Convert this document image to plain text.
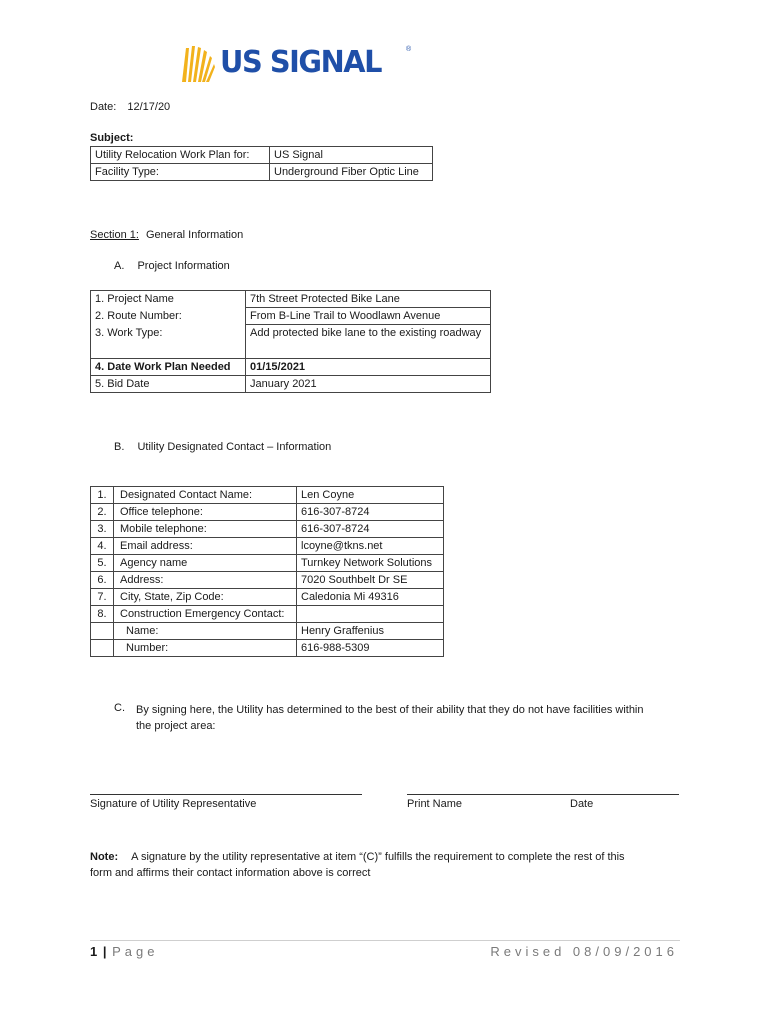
US SIGNAL	®
Date: 12/17/20
Subject:
Utility Relocation Work Plan for:	US Signal
Facility Type:	Underground Fiber Optic Line
Section 1: General Information
A. Project Information
1. Project Name	7th Street Protected Bike Lane
2. Route Number:	From B-Line Trail to Woodlawn Avenue
3. Work Type:	Add protected bike lane to the existing roadway
4. Date Work Plan Needed	01/15/2021
5. Bid Date	January 2021
B. Utility Designated Contact – Information
1.	Designated Contact Name:	Len Coyne
2.	Office telephone:	616-307-8724
3.	Mobile telephone:	616-307-8724
4.	Email address:	lcoyne@tkns.net
5.	Agency name	Turnkey Network Solutions
6.	Address:	7020 Southbelt Dr SE
7.	City, State, Zip Code:	Caledonia Mi 49316
8.	Construction Emergency Contact:	
	Name:	Henry Graffenius
	Number:	616-988-5309
C. By signing here, the Utility has determined to the best of their ability that they do not have facilities within
the project area:
Signature of Utility Representative	Print Name	Date
Note: A signature by the utility representative at item “(C)” fulfills the requirement to complete the rest of this
form and affirms their contact information above is correct
1 | Page	Revised 08/09/2016
